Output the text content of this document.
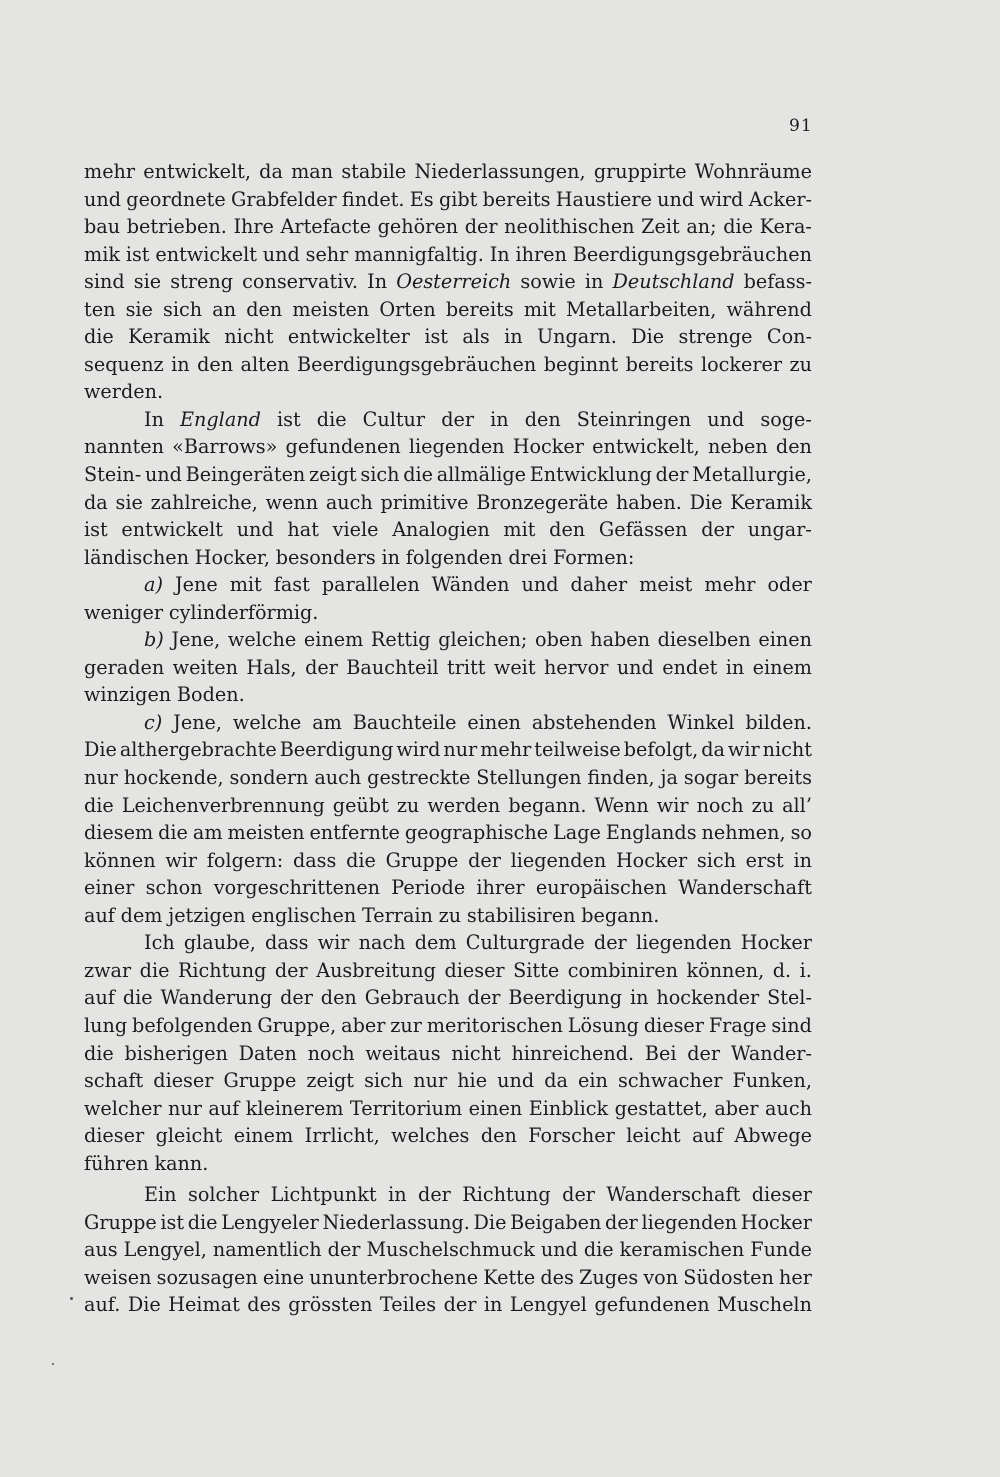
91
mehr entwickelt, da man stabile Niederlassungen, gruppirte Wohnräume
und geordnete Grabfelder findet. Es gibt bereits Haustiere und wird Acker-
bau betrieben. Ihre Artefacte gehören der neolithischen Zeit an; die Kera-
mik ist entwickelt und sehr mannigfaltig. In ihren Beerdigungsgebräuchen
sind sie streng conservativ. In Oesterreich sowie in Deutschland befass-
ten sie sich an den meisten Orten bereits mit Metallarbeiten, während
die Keramik nicht entwickelter ist als in Ungarn. Die strenge Con-
sequenz in den alten Beerdigungsgebräuchen beginnt bereits lockerer zu
werden.
In England ist die Cultur der in den Steinringen und soge-
nannten «Barrows» gefundenen liegenden Hocker entwickelt, neben den
Stein- und Beingeräten zeigt sich die allmälige Entwicklung der Metallurgie,
da sie zahlreiche, wenn auch primitive Bronzegeräte haben. Die Keramik
ist entwickelt und hat viele Analogien mit den Gefässen der ungar-
ländischen Hocker, besonders in folgenden drei Formen:
a) Jene mit fast parallelen Wänden und daher meist mehr oder
weniger cylinderförmig.
b) Jene, welche einem Rettig gleichen; oben haben dieselben einen
geraden weiten Hals, der Bauchteil tritt weit hervor und endet in einem
winzigen Boden.
c) Jene, welche am Bauchteile einen abstehenden Winkel bilden.
Die althergebrachte Beerdigung wird nur mehr teilweise befolgt, da wir nicht
nur hockende, sondern auch gestreckte Stellungen finden, ja sogar bereits
die Leichenverbrennung geübt zu werden begann. Wenn wir noch zu all’
diesem die am meisten entfernte geographische Lage Englands nehmen, so
können wir folgern: dass die Gruppe der liegenden Hocker sich erst in
einer schon vorgeschrittenen Periode ihrer europäischen Wanderschaft
auf dem jetzigen englischen Terrain zu stabilisiren begann.
Ich glaube, dass wir nach dem Culturgrade der liegenden Hocker
zwar die Richtung der Ausbreitung dieser Sitte combiniren können, d. i.
auf die Wanderung der den Gebrauch der Beerdigung in hockender Stel-
lung befolgenden Gruppe, aber zur meritorischen Lösung dieser Frage sind
die bisherigen Daten noch weitaus nicht hinreichend. Bei der Wander-
schaft dieser Gruppe zeigt sich nur hie und da ein schwacher Funken,
welcher nur auf kleinerem Territorium einen Einblick gestattet, aber auch
dieser gleicht einem Irrlicht, welches den Forscher leicht auf Abwege
führen kann.
Ein solcher Lichtpunkt in der Richtung der Wanderschaft dieser
Gruppe ist die Lengyeler Niederlassung. Die Beigaben der liegenden Hocker
aus Lengyel, namentlich der Muschelschmuck und die keramischen Funde
weisen sozusagen eine ununterbrochene Kette des Zuges von Südosten her
auf. Die Heimat des grössten Teiles der in Lengyel gefundenen Muscheln
